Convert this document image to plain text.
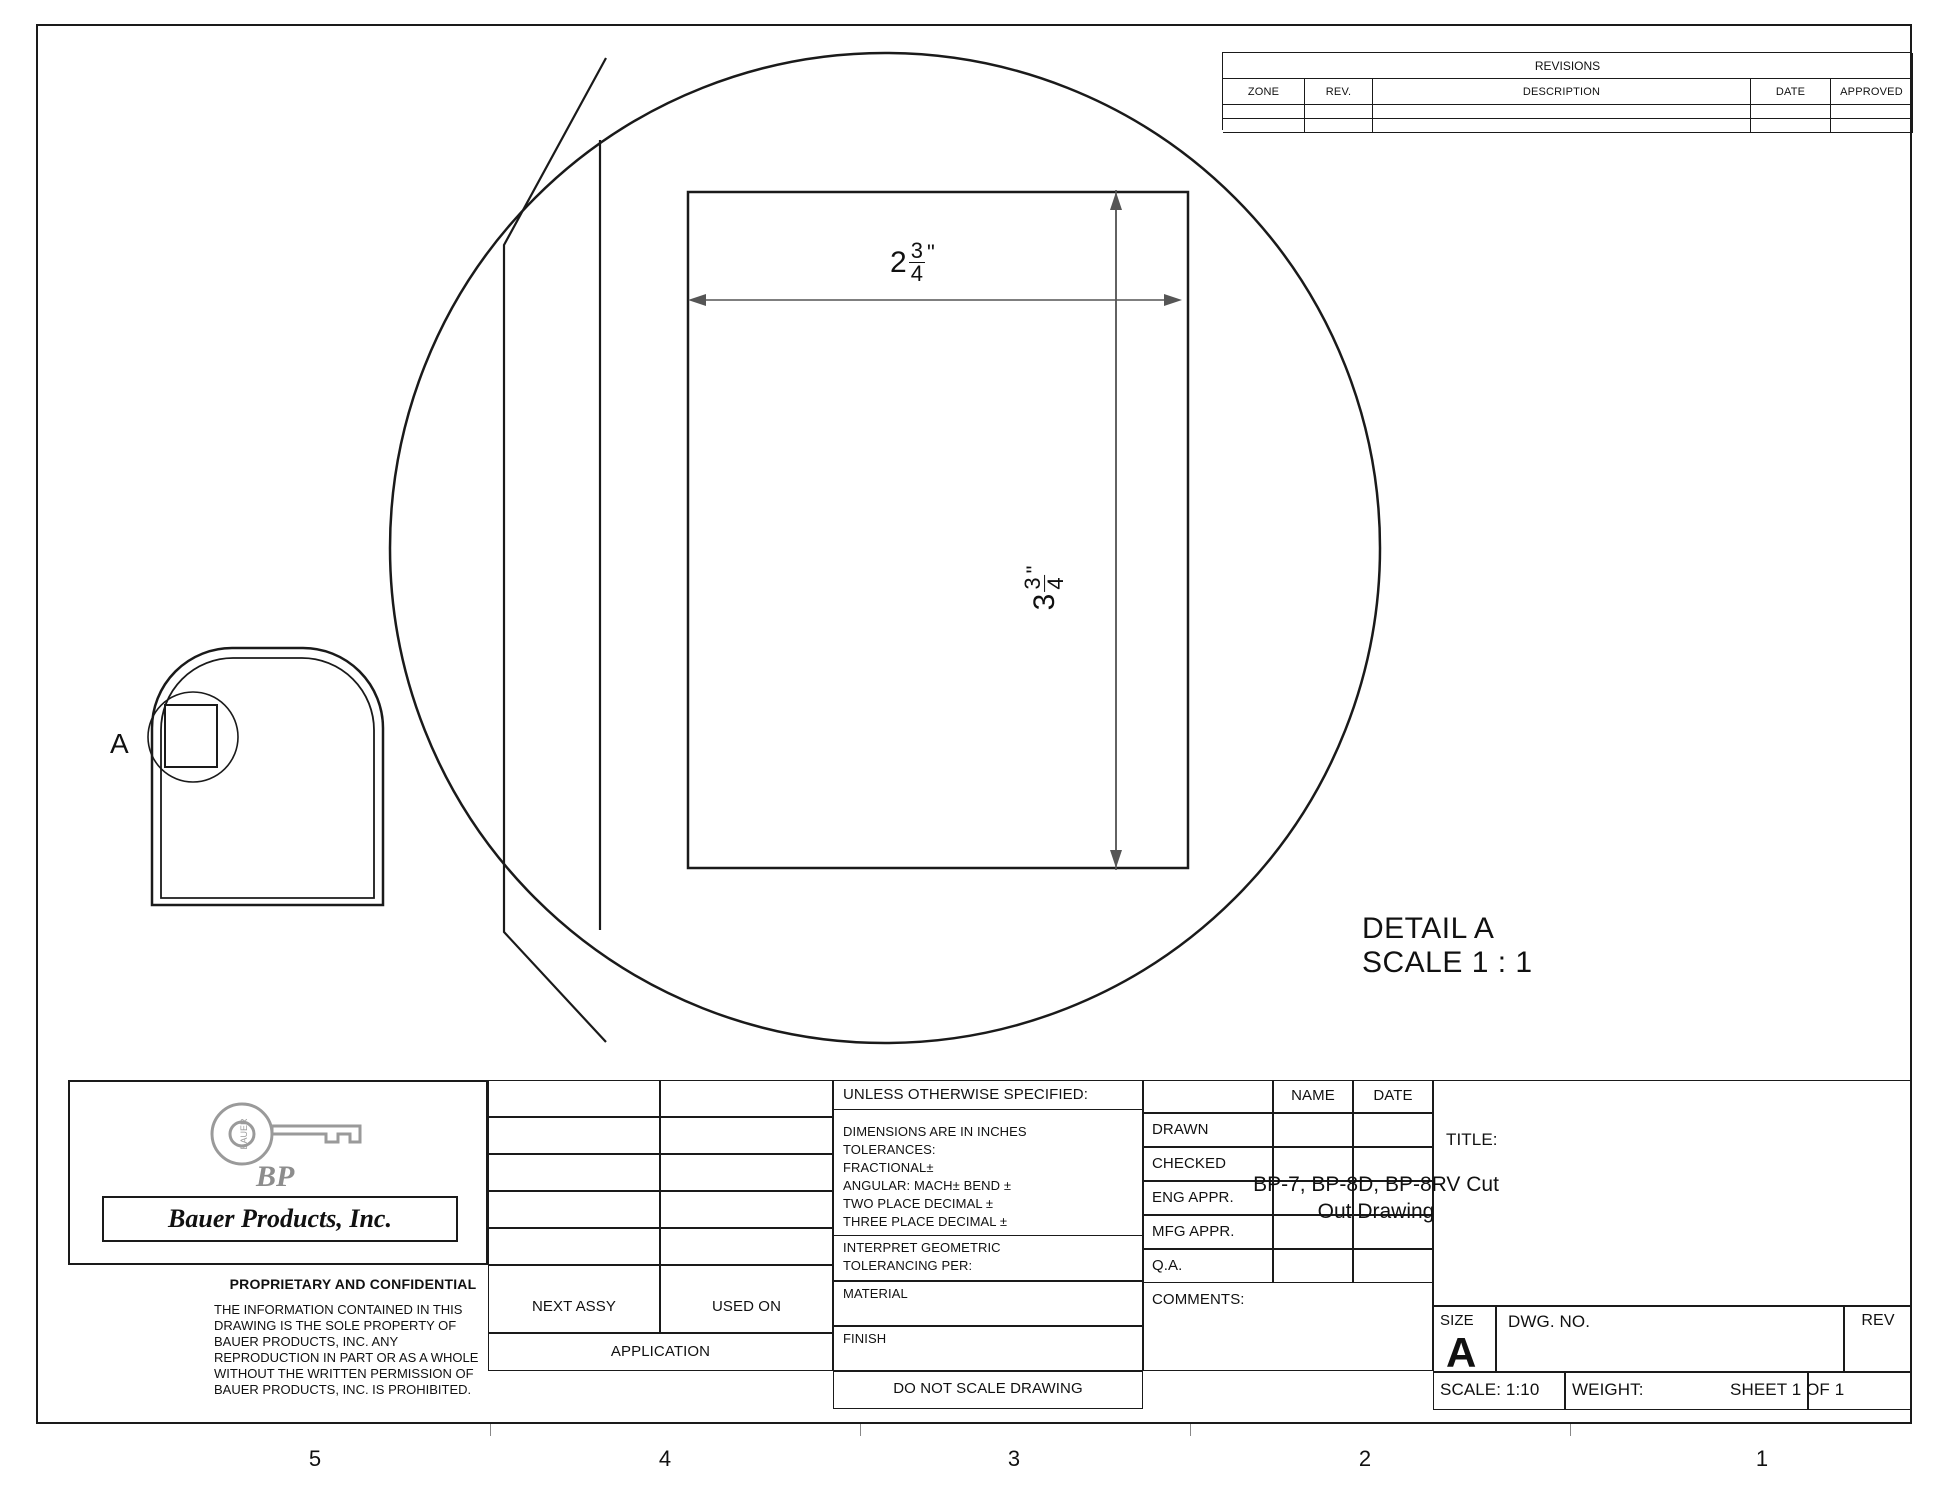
5	4	3	2	1
REVISIONS
ZONE	REV.	DESCRIPTION	DATE	APPROVED
A
$2 \frac{3}{4}$ "
3
3
4
"
DETAIL A
SCALE 1 : 1
BAUER
BP
Bauer Products, Inc.
PROPRIETARY AND CONFIDENTIAL
THE INFORMATION CONTAINED IN THIS DRAWING IS THE SOLE PROPERTY OF BAUER PRODUCTS, INC. ANY REPRODUCTION IN PART OR AS A WHOLE WITHOUT THE WRITTEN PERMISSION OF BAUER PRODUCTS, INC. IS PROHIBITED.
NEXT ASSY	USED ON
APPLICATION
UNLESS OTHERWISE SPECIFIED:
DIMENSIONS ARE IN INCHES
TOLERANCES:
FRACTIONAL±
ANGULAR: MACH± BEND ±
TWO PLACE DECIMAL ±
THREE PLACE DECIMAL ±
INTERPRET GEOMETRIC
TOLERANCING PER:
MATERIAL
FINISH
DO NOT SCALE DRAWING
NAME	DATE
DRAWN
CHECKED
ENG APPR.
MFG APPR.
Q.A.
COMMENTS:
TITLE:
BP-7, BP-8D, BP-8RV Cut Out Drawing
SIZE
A
DWG. NO.	REV
SCALE: 1:10 WEIGHT:	SHEET 1 OF 1
